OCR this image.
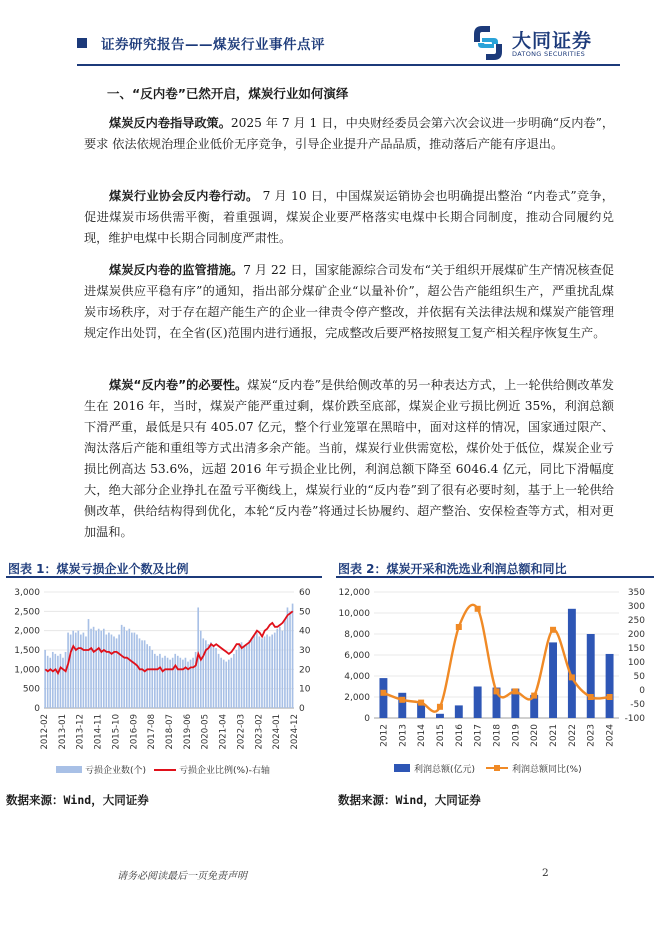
证券研究报告——煤炭行业事件点评	大同证券
DATONG SECURITIES
一、“反内卷”已然开启，煤炭行业如何演绎

煤炭反内卷指导政策。2025 年 7 月 1 日，中央财经委员会第六次会议进一步明确“反内卷”，要求 依法依规治理企业低价无序竞争，引导企业提升产品品质，推动落后产能有序退出。

煤炭行业协会反内卷行动。 7 月 10 日，中国煤炭运销协会也明确提出整治 “内卷式”竞争，促进煤炭市场供需平衡，着重强调，煤炭企业要严格落实电煤中长期合同制度，推动合同履约兑现，维护电煤中长期合同制度严肃性。

煤炭反内卷的监管措施。7 月 22 日，国家能源综合司发布“关于组织开展煤矿生产情况核查促进煤炭供应平稳有序”的通知，指出部分煤矿企业“以量补价”，超公告产能组织生产，严重扰乱煤炭市场秩序，对于存在超产能生产的企业一律责令停产整改，并依据有关法律法规和煤炭产能管理规定作出处罚，在全省(区)范围内进行通报，完成整改后要严格按照复工复产相关程序恢复生产。

煤炭“反内卷”的必要性。煤炭“反内卷”是供给侧改革的另一种表达方式，上一轮供给侧改革发生在 2016 年，当时，煤炭产能严重过剩，煤价跌至底部，煤炭企业亏损比例近 35%，利润总额下滑严重，最低是只有 405.07 亿元，整个行业笼罩在黑暗中，面对这样的情况，国家通过限产、淘汰落后产能和重组等方式出清多余产能。当前，煤炭行业供需宽松，煤价处于低位，煤炭企业亏损比例高达 53.6%，远超 2016 年亏损企业比例，利润总额下降至 6046.4 亿元，同比下滑幅度大，绝大部分企业挣扎在盈亏平衡线上，煤炭行业的“反内卷”到了很有必要时刻，基于上一轮供给侧改革，供给结构得到优化，本轮“反内卷”将通过长协履约、超产整治、安保检查等方式，相对更加温和。

图表 1：煤炭亏损企业个数及比例	图表 2：煤炭开采和洗选业利润总额和同比
0
500
1,000
1,500
2,000
2,500
3,000
0
10
20
30
40
50
60
2012-02 2013-01 2013-12 2014-11 2015-10 2016-09 2017-08 2018-07 2019-06 2020-05 2021-04 2022-03 2023-02 2024-01 2024-12
亏损企业数(个)	亏损企业比例(%)-右轴
0
2,000
4,000
6,000
8,000
10,000
12,000
-100
-50
0
50
100
150
200
250
300
350
2012 2013 2014 2015 2016 2017 2018 2019 2020 2021 2022 2023 2024
利润总额(亿元)	利润总额同比(%)
数据来源：Wind，大同证券	数据来源：Wind，大同证券
请务必阅读最后一页免责声明	2
